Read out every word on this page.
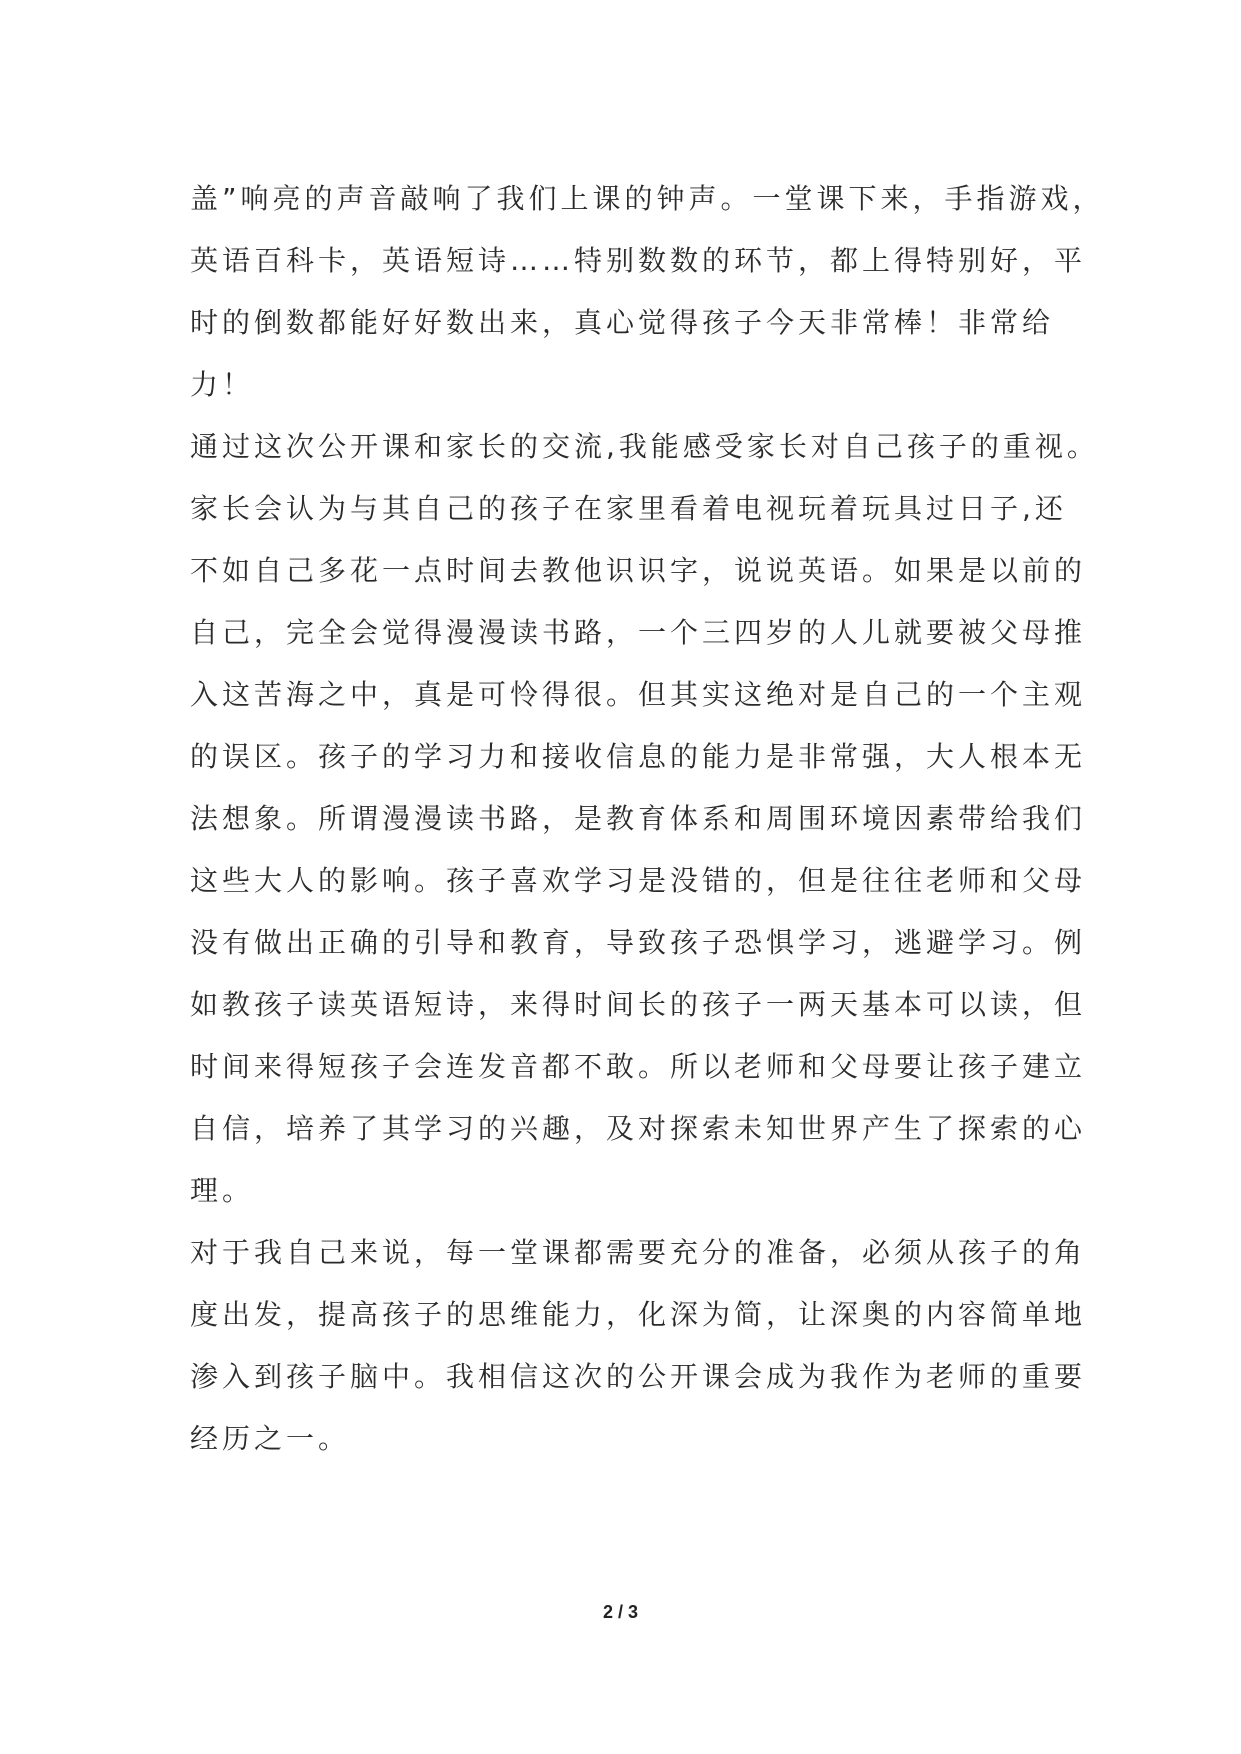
盖”响亮的声音敲响了我们上课的钟声。一堂课下来，手指游戏，
英语百科卡，英语短诗……特别数数的环节，都上得特别好，平
时的倒数都能好好数出来，真心觉得孩子今天非常棒！非常给
力！
通过这次公开课和家长的交流,我能感受家长对自己孩子的重视。
家长会认为与其自己的孩子在家里看着电视玩着玩具过日子,还
不如自己多花一点时间去教他识识字，说说英语。如果是以前的
自己，完全会觉得漫漫读书路，一个三四岁的人儿就要被父母推
入这苦海之中，真是可怜得很。但其实这绝对是自己的一个主观
的误区。孩子的学习力和接收信息的能力是非常强，大人根本无
法想象。所谓漫漫读书路，是教育体系和周围环境因素带给我们
这些大人的影响。孩子喜欢学习是没错的，但是往往老师和父母
没有做出正确的引导和教育，导致孩子恐惧学习，逃避学习。例
如教孩子读英语短诗，来得时间长的孩子一两天基本可以读，但
时间来得短孩子会连发音都不敢。所以老师和父母要让孩子建立
自信，培养了其学习的兴趣，及对探索未知世界产生了探索的心
理。
对于我自己来说，每一堂课都需要充分的准备，必须从孩子的角
度出发，提高孩子的思维能力，化深为简，让深奥的内容简单地
渗入到孩子脑中。我相信这次的公开课会成为我作为老师的重要
经历之一。
2 / 3
